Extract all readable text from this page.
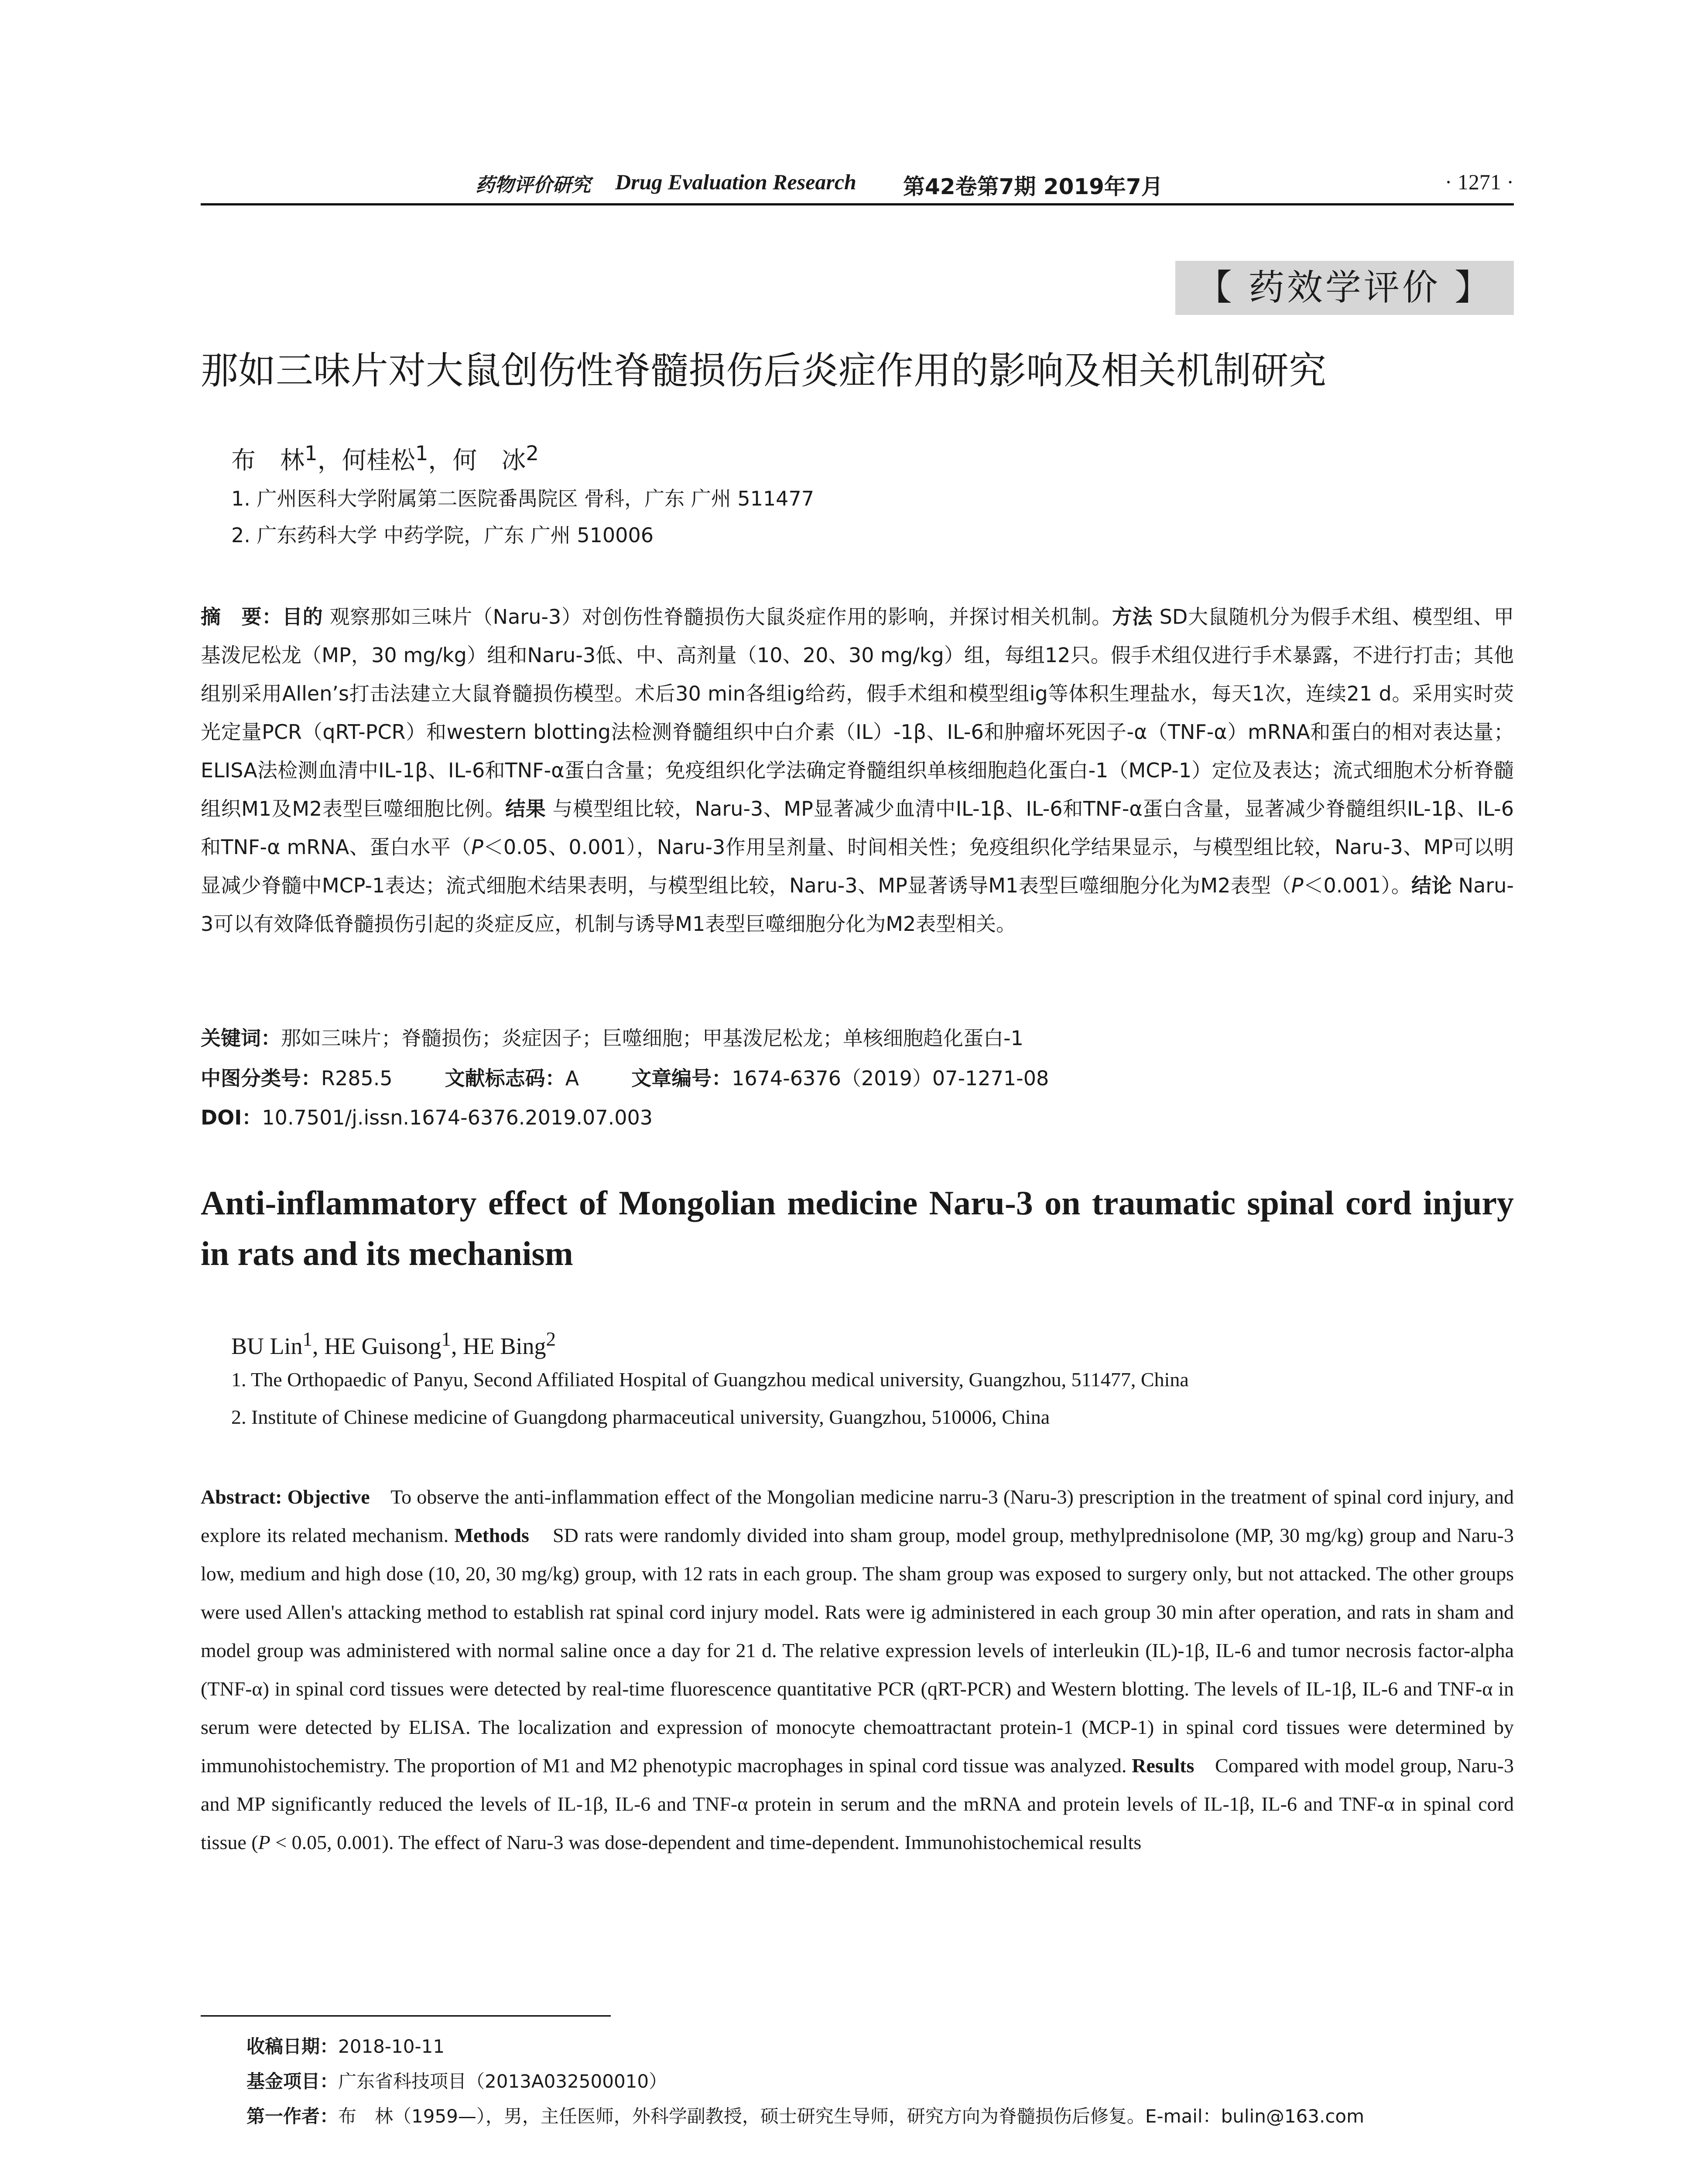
药物评价研究 Drug Evaluation Research 第42卷第7期 2019年7月	· 1271 ·
【 药效学评价 】
那如三味片对大鼠创伤性脊髓损伤后炎症作用的影响及相关机制研究
布　林$^1$，何桂松$^1$，何　冰$^2$
1. 广州医科大学附属第二医院番禺院区 骨科，广东 广州 511477
2. 广东药科大学 中药学院，广东 广州 510006
摘　要：目的 观察那如三味片（Naru-3）对创伤性脊髓损伤大鼠炎症作用的影响，并探讨相关机制。方法 SD大鼠随机分为假手术组、模型组、甲基泼尼松龙（MP，30 mg/kg）组和Naru-3低、中、高剂量（10、20、30 mg/kg）组，每组12只。假手术组仅进行手术暴露，不进行打击；其他组别采用Allen’s打击法建立大鼠脊髓损伤模型。术后30 min各组ig给药，假手术组和模型组ig等体积生理盐水，每天1次，连续21 d。采用实时荧光定量PCR（qRT-PCR）和western blotting法检测脊髓组织中白介素（IL）-1β、IL-6和肿瘤坏死因子-α（TNF-α）mRNA和蛋白的相对表达量；ELISA法检测血清中IL-1β、IL-6和TNF-α蛋白含量；免疫组织化学法确定脊髓组织单核细胞趋化蛋白-1（MCP-1）定位及表达；流式细胞术分析脊髓组织M1及M2表型巨噬细胞比例。结果 与模型组比较，Naru-3、MP显著减少血清中IL-1β、IL-6和TNF-α蛋白含量，显著减少脊髓组织IL-1β、IL-6和TNF-α mRNA、蛋白水平（P＜0.05、0.001），Naru-3作用呈剂量、时间相关性；免疫组织化学结果显示，与模型组比较，Naru-3、MP可以明显减少脊髓中MCP-1表达；流式细胞术结果表明，与模型组比较，Naru-3、MP显著诱导M1表型巨噬细胞分化为M2表型（P＜0.001）。结论 Naru-3可以有效降低脊髓损伤引起的炎症反应，机制与诱导M1表型巨噬细胞分化为M2表型相关。
关键词：那如三味片；脊髓损伤；炎症因子；巨噬细胞；甲基泼尼松龙；单核细胞趋化蛋白-1
中图分类号：R285.5	文献标志码：A	文章编号：1674-6376（2019）07-1271-08
DOI：10.7501/j.issn.1674-6376.2019.07.003
Anti-inflammatory effect of Mongolian medicine Naru-3 on traumatic spinal cord injury in rats and its mechanism
BU Lin$^1$, HE Guisong$^1$, HE Bing$^2$
1. The Orthopaedic of Panyu, Second Affiliated Hospital of Guangzhou medical university, Guangzhou, 511477, China
2. Institute of Chinese medicine of Guangdong pharmaceutical university, Guangzhou, 510006, China
Abstract: Objective To observe the anti-inflammation effect of the Mongolian medicine narru-3 (Naru-3) prescription in the treatment of spinal cord injury, and explore its related mechanism. Methods SD rats were randomly divided into sham group, model group, methylprednisolone (MP, 30 mg/kg) group and Naru-3 low, medium and high dose (10, 20, 30 mg/kg) group, with 12 rats in each group. The sham group was exposed to surgery only, but not attacked. The other groups were used Allen's attacking method to establish rat spinal cord injury model. Rats were ig administered in each group 30 min after operation, and rats in sham and model group was administered with normal saline once a day for 21 d. The relative expression levels of interleukin (IL)-1β, IL-6 and tumor necrosis factor-alpha (TNF-α) in spinal cord tissues were detected by real-time fluorescence quantitative PCR (qRT-PCR) and Western blotting. The levels of IL-1β, IL-6 and TNF-α in serum were detected by ELISA. The localization and expression of monocyte chemoattractant protein-1 (MCP-1) in spinal cord tissues were determined by immunohistochemistry. The proportion of M1 and M2 phenotypic macrophages in spinal cord tissue was analyzed. Results Compared with model group, Naru-3 and MP significantly reduced the levels of IL-1β, IL-6 and TNF-α protein in serum and the mRNA and protein levels of IL-1β, IL-6 and TNF-α in spinal cord tissue (P < 0.05, 0.001). The effect of Naru-3 was dose-dependent and time-dependent. Immunohistochemical results
收稿日期：2018-10-11
基金项目：广东省科技项目（2013A032500010）
第一作者：布　林（1959—），男，主任医师，外科学副教授，硕士研究生导师，研究方向为脊髓损伤后修复。E-mail：bulin@163.com
